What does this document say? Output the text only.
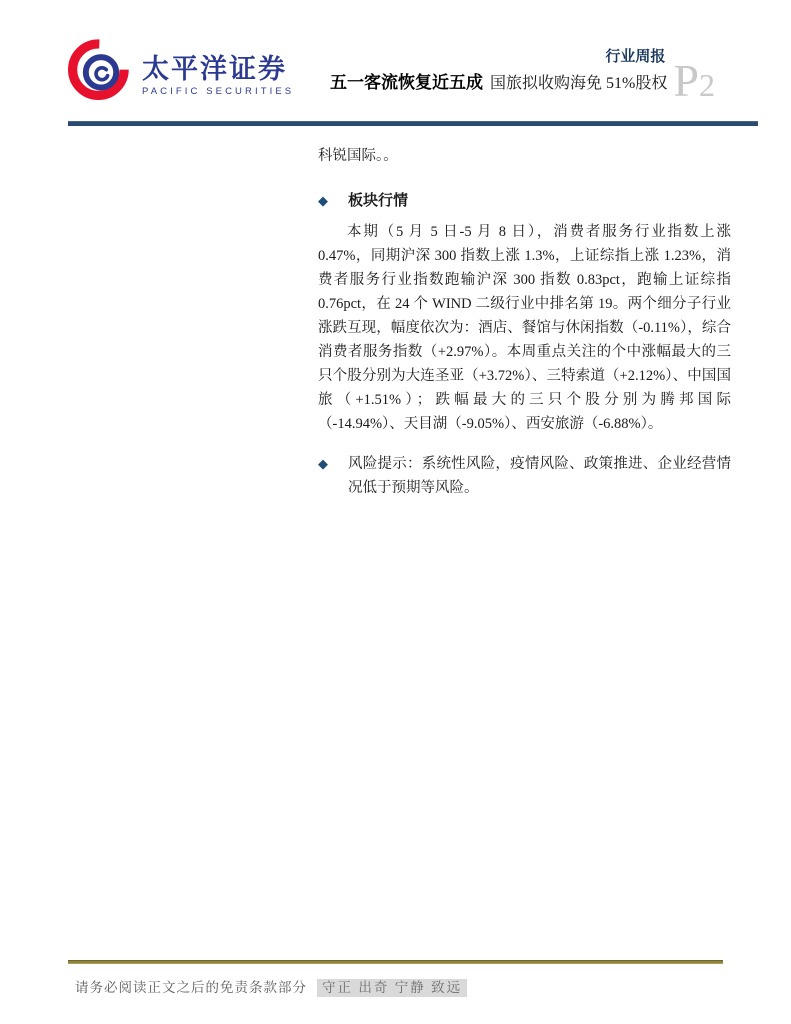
太平洋证券
PACIFIC SECURITIES
行业周报
五一客流恢复近五成 国旅拟收购海免 51%股权 P2

科锐国际。。

◆	板块行情

本期（5 月 5 日-5 月 8 日），消费者服务行业指数上涨 0.47%，同期沪深 300 指数上涨 1.3%，上证综指上涨 1.23%，消费者服务行业指数跑输沪深 300 指数 0.83pct，跑输上证综指 0.76pct，在 24 个 WIND 二级行业中排名第 19。两个细分子行业涨跌互现，幅度依次为：酒店、餐馆与休闲指数（-0.11%），综合消费者服务指数（+2.97%）。本周重点关注的个中涨幅最大的三只个股分别为大连圣亚（+3.72%）、三特索道（+2.12%）、中国国旅（+1.51%）；跌幅最大的三只个股分别为腾邦国际（-14.94%）、天目湖（-9.05%）、西安旅游（-6.88%）。

◆	风险提示：系统性风险，疫情风险、政策推进、企业经营情况低于预期等风险。

请务必阅读正文之后的免责条款部分 守正 出奇 宁静 致远
